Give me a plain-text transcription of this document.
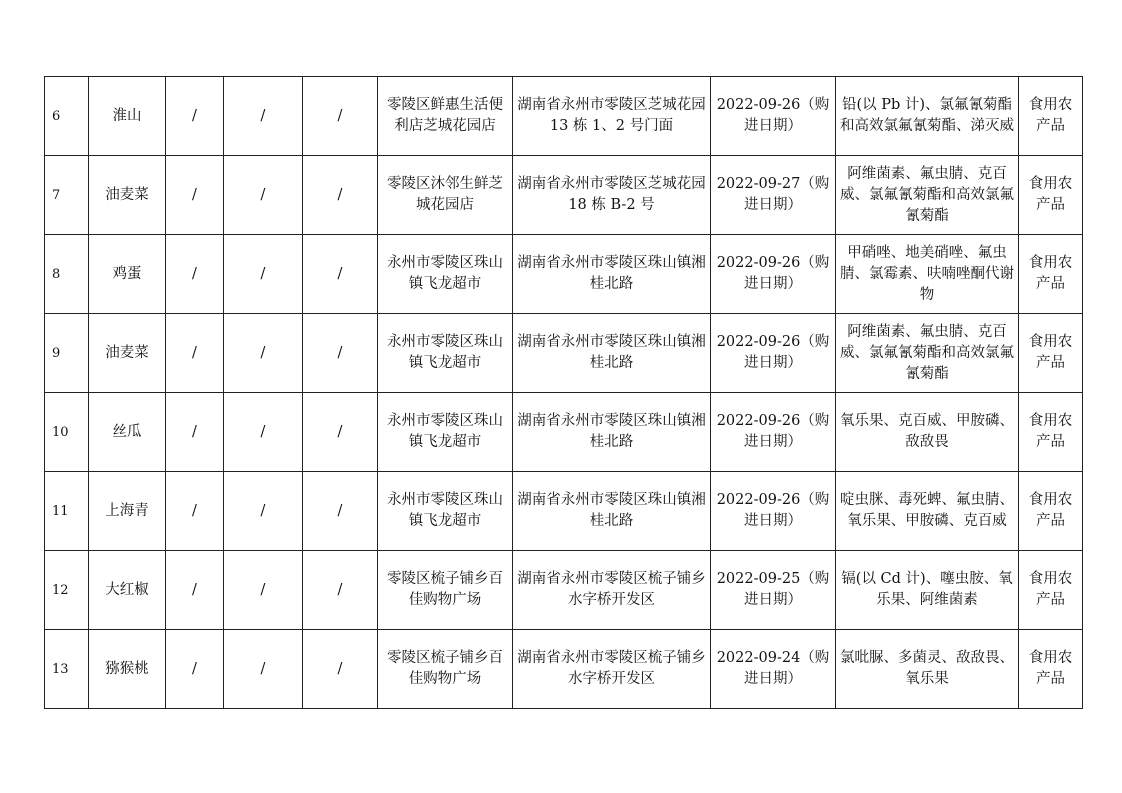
6	淮山	/	/	/	零陵区鲜惠生活便利店芝城花园店	湖南省永州市零陵区芝城花园 13 栋 1、2 号门面	2022-09-26（购进日期）	铅(以 Pb 计)、氯氟氰菊酯和高效氯氟氰菊酯、涕灭威	食用农产品
7	油麦菜	/	/	/	零陵区沐邻生鲜芝城花园店	湖南省永州市零陵区芝城花园 18 栋 B-2 号	2022-09-27（购进日期）	阿维菌素、氟虫腈、克百威、氯氟氰菊酯和高效氯氟氰菊酯	食用农产品
8	鸡蛋	/	/	/	永州市零陵区珠山镇飞龙超市	湖南省永州市零陵区珠山镇湘桂北路	2022-09-26（购进日期）	甲硝唑、地美硝唑、氟虫腈、氯霉素、呋喃唑酮代谢物	食用农产品
9	油麦菜	/	/	/	永州市零陵区珠山镇飞龙超市	湖南省永州市零陵区珠山镇湘桂北路	2022-09-26（购进日期）	阿维菌素、氟虫腈、克百威、氯氟氰菊酯和高效氯氟氰菊酯	食用农产品
10	丝瓜	/	/	/	永州市零陵区珠山镇飞龙超市	湖南省永州市零陵区珠山镇湘桂北路	2022-09-26（购进日期）	氧乐果、克百威、甲胺磷、敌敌畏	食用农产品
11	上海青	/	/	/	永州市零陵区珠山镇飞龙超市	湖南省永州市零陵区珠山镇湘桂北路	2022-09-26（购进日期）	啶虫脒、毒死蜱、氟虫腈、氧乐果、甲胺磷、克百威	食用农产品
12	大红椒	/	/	/	零陵区梳子铺乡百佳购物广场	湖南省永州市零陵区梳子铺乡水字桥开发区	2022-09-25（购进日期）	镉(以 Cd 计)、噻虫胺、氧乐果、阿维菌素	食用农产品
13	猕猴桃	/	/	/	零陵区梳子铺乡百佳购物广场	湖南省永州市零陵区梳子铺乡水字桥开发区	2022-09-24（购进日期）	氯吡脲、多菌灵、敌敌畏、氧乐果	食用农产品
